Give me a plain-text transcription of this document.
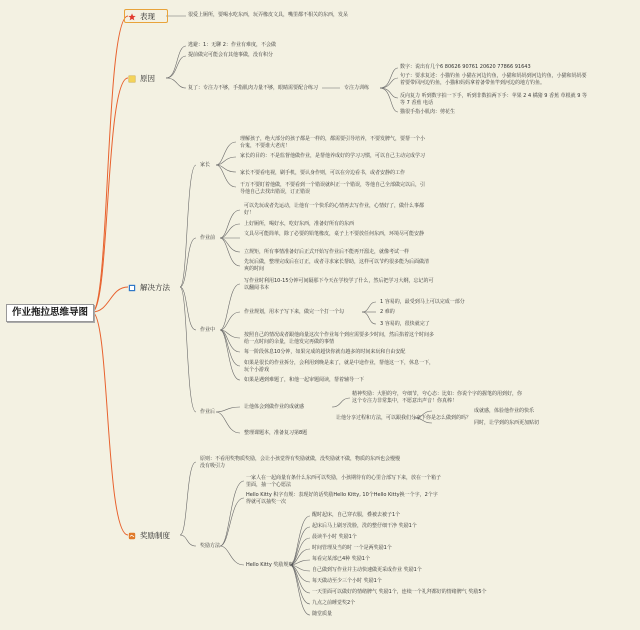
作业拖拉思维导图
表现	很爱上厕所，要喝水吃东西，玩弄橡皮文具，嘴里都不相关的东西，发呆
原因
逃避：1：无聊 2：作业有难度，不会做
提前做完可能会有其他事做，没有积分
复了：专注力不够，手指肌肉力量不够，眼睛需要配合练习	专注力训练
数字：说出有几个6 80626 90761 20620 77866 91643
句子：要求复述：小猫钓鱼 小猫在河边钓鱼，小猫和妈妈到河边钓鱼，小猫和妈妈要着要带回河边钓鱼，小猫和妈妈拿着备带鱼竿到河边的地方钓鱼。
反向复力 听到数字拍一下手，听到非数拍两下手：苹果 2 4 橘猪 9 香蕉 草根就 9 等等 7 香蕉 电话
猫很手指小肌肉：剪花生
解决方法
家长
理解孩子，绝大部分的孩子都是一样的，都需要引导培养，不要发脾气，要帮一个小台鬼，不要谁大老虎！
家长的目的：不是监督他做作业，是帮他养成好的学习习惯，可以自己主动完成学习
家长不要看电视，刷手机，要认身作则，可以在旁边看书，或者安静的工作
干万不要盯着他做，不要看到一个错误就纠正一个错误，等他自己全部做完以后，引导他自己去找出错误，订正错误
作业前
可以先玩或者先运动，让他有一个快乐的心情再去写作业，心情好了，做什么事都好！
上好厕所，喝好水，吃好东西，准备好所有的东西
文具尽可能简单，除了必要的铅笔橡皮，桌子上不要放任何东西，环境尽可能安静
立规矩，所有事情准备好后正式开始写作业后不能再开溜走，就像考试一样
先玩后做，整理完成后在订正，或者寻求家长帮助，这样可以节约很多能为后面做清爽的时间
作业中
写作业时利用10-15分钟可间隔那下今天在学校学了什么，然后把学习大纲，忘记的可以翻阅书本
作业规划，用本子写下来，做完一个打一个勾
1 容易的，最受到马上可以完成一部分
2 难的
3 容易的，很快就完了
按照自己的情况或者跟他商量这次个作业每个到应需要多少时间，然后掐着这个时间多给一点时间的余量，让他发完再做的事情
每一阶段休息10分钟，如果完成的超快你就有越多的时间来玩和自由安配
如果是很长的作业拆分，会利用到晚是来了，就是中途作业，帮他这一下，休息一下，玩个小游戏
如果是遇到难题了，和他一起审题阅读，帮着辅导一下
作业后
让他体会到做作业的成就感
精神奖励：大胆的夸，夸细节，夸心态：比如：你说个字的握笔的用到好，你这个专注力非常集中，不愿意出声音！你真棒！
让他分享过程和方法，可以跟我们分享下你是怎么做到的吗？
成就感，体验他作业的快乐
同时，让学到的东西更加贴切
整理课题本，准备复习第8题
奖励制度
原则：不看用奖物质奖励，会让小孩觉得有奖励就做，没奖励就不做，物质的东西也会慢慢没有吸引力
奖励方法
一家人在一起商量有条什么东西可以奖励，小孩期待有的心里合部写下来，放在一个箱子里面，抽一个心愿法
Hello Kitty 积字有规：表现好的话奖励Hello Kitty, 10个Hello Kitty换一个字，2个字得就可以抽奖一次
Hello Kitty 奖励规则
醒时起床，自己穿衣服，叠被去被子1个
起床后马上刷牙洗脸，洗的整仔细干净 奖励1个
晨读半小时 奖励1个
时间管理及当的时 一个是两奖励1个
每看完某部已4种 奖励1个
自己做到写作业并主动快速做更采成作业 奖励1个
每天做动至少三个小时 奖励1个
一天里面可以做好的情绪脾气 奖励1个，连续一个礼拜都好的情绪脾气 奖励5个
九点之前睡觉奖2个
随堂质量
